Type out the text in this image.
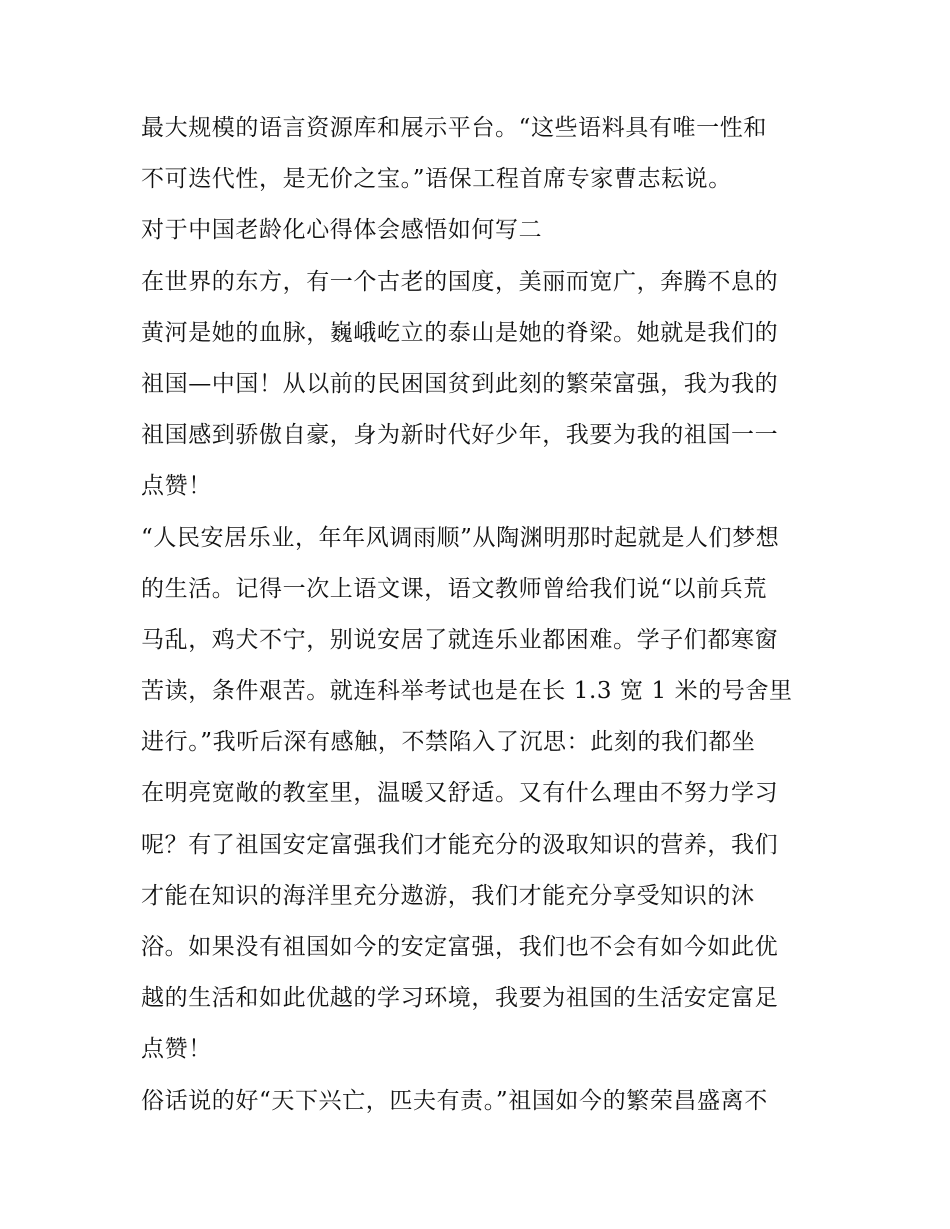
最大规模的语言资源库和展示平台。“这些语料具有唯一性和
不可迭代性，是无价之宝。”语保工程首席专家曹志耘说。
对于中国老龄化心得体会感悟如何写二
在世界的东方，有一个古老的国度，美丽而宽广，奔腾不息的
黄河是她的血脉，巍峨屹立的泰山是她的脊梁。她就是我们的
祖国—中国！从以前的民困国贫到此刻的繁荣富强，我为我的
祖国感到骄傲自豪，身为新时代好少年，我要为我的祖国一一
点赞！
“人民安居乐业，年年风调雨顺”从陶渊明那时起就是人们梦想
的生活。记得一次上语文课，语文教师曾给我们说“以前兵荒
马乱，鸡犬不宁，别说安居了就连乐业都困难。学子们都寒窗
苦读，条件艰苦。就连科举考试也是在长 1.3 宽 1 米的号舍里
进行。”我听后深有感触，不禁陷入了沉思：此刻的我们都坐
在明亮宽敞的教室里，温暖又舒适。又有什么理由不努力学习
呢？有了祖国安定富强我们才能充分的汲取知识的营养，我们
才能在知识的海洋里充分遨游，我们才能充分享受知识的沐
浴。如果没有祖国如今的安定富强，我们也不会有如今如此优
越的生活和如此优越的学习环境，我要为祖国的生活安定富足
点赞！
俗话说的好“天下兴亡，匹夫有责。”祖国如今的繁荣昌盛离不
